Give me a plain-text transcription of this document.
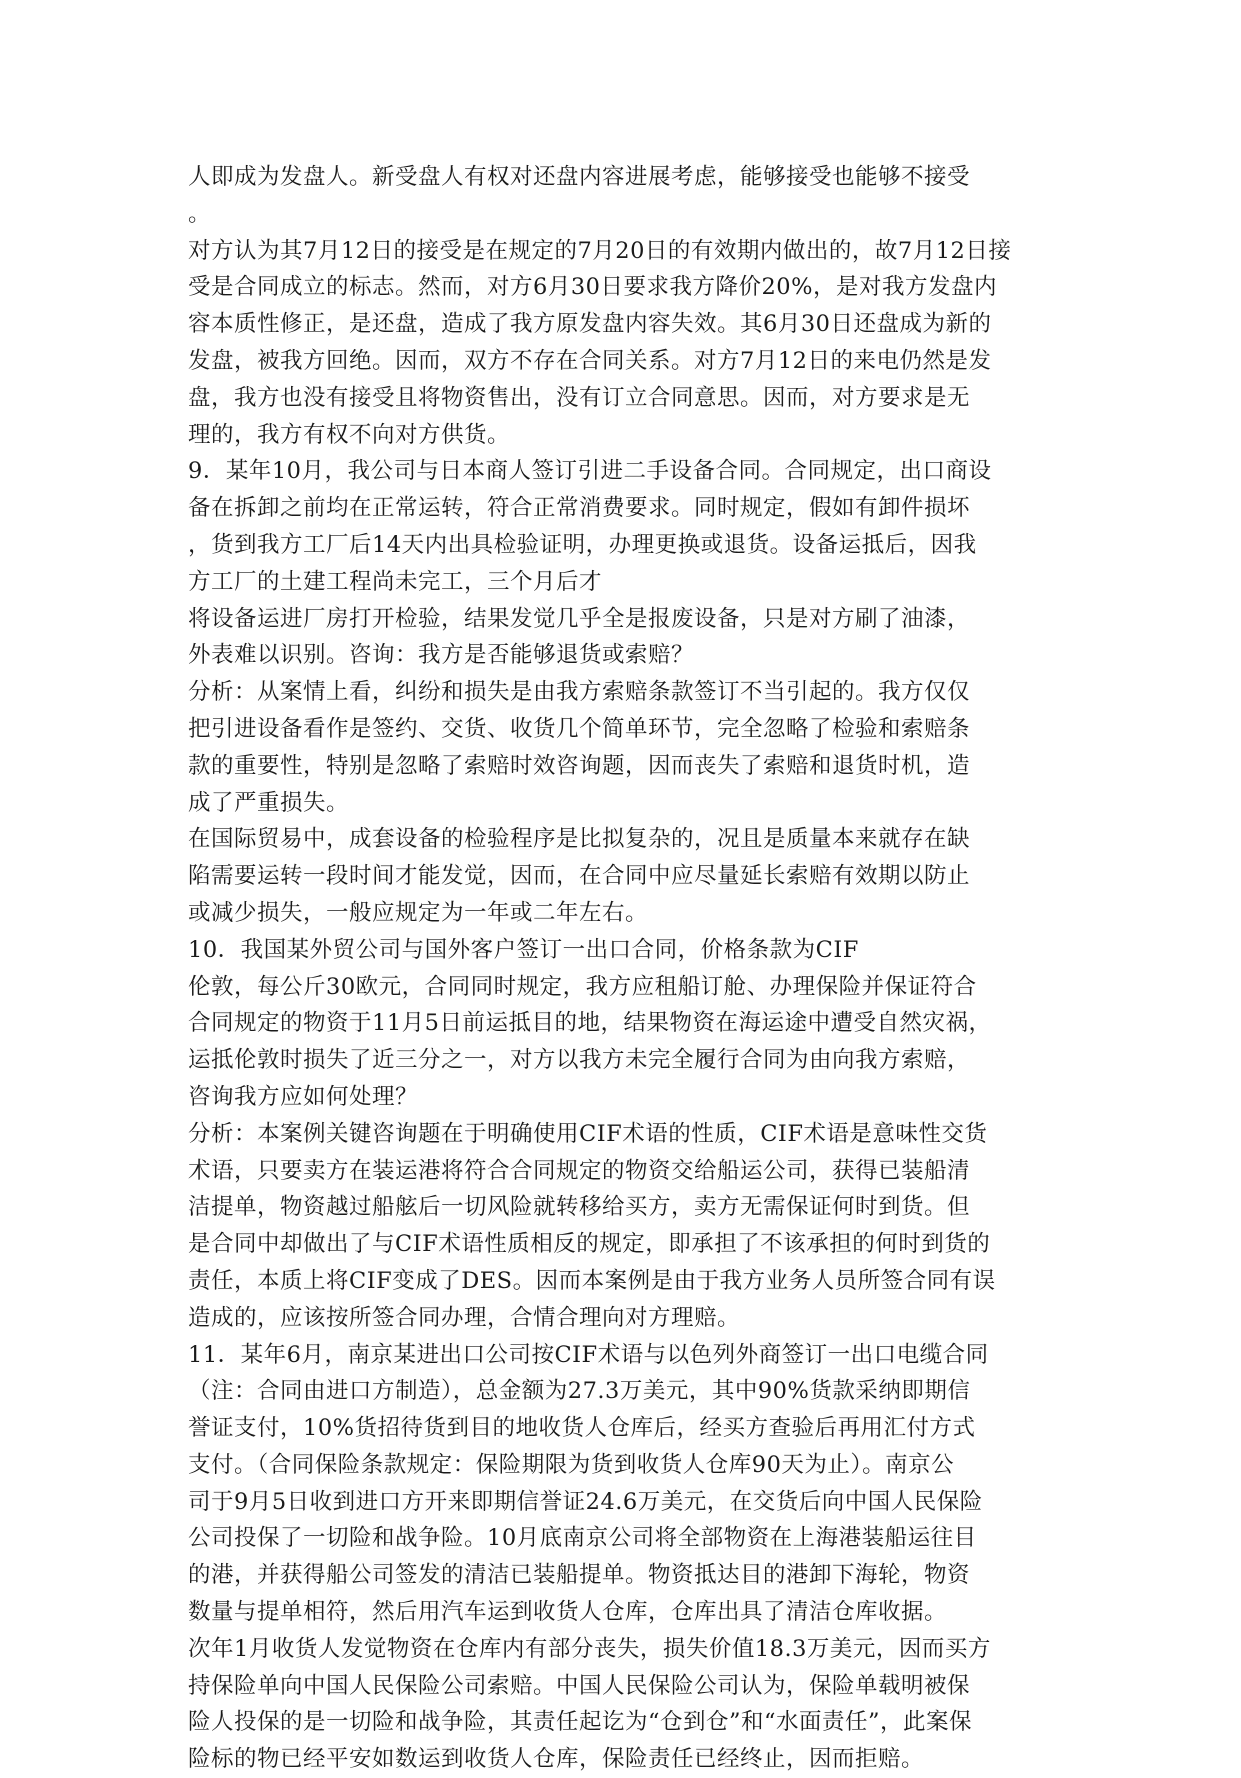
人即成为发盘人。新受盘人有权对还盘内容进展考虑，能够接受也能够不接受
。
对方认为其7月12日的接受是在规定的7月20日的有效期内做出的，故7月12日接
受是合同成立的标志。然而，对方6月30日要求我方降价20%，是对我方发盘内
容本质性修正，是还盘，造成了我方原发盘内容失效。其6月30日还盘成为新的
发盘，被我方回绝。因而，双方不存在合同关系。对方7月12日的来电仍然是发
盘，我方也没有接受且将物资售出，没有订立合同意思。因而，对方要求是无
理的，我方有权不向对方供货。
9．某年10月，我公司与日本商人签订引进二手设备合同。合同规定，出口商设
备在拆卸之前均在正常运转，符合正常消费要求。同时规定，假如有卸件损坏
，货到我方工厂后14天内出具检验证明，办理更换或退货。设备运抵后，因我
方工厂的土建工程尚未完工，三个月后才
将设备运进厂房打开检验，结果发觉几乎全是报废设备，只是对方刷了油漆，
外表难以识别。咨询：我方是否能够退货或索赔？
分析：从案情上看，纠纷和损失是由我方索赔条款签订不当引起的。我方仅仅
把引进设备看作是签约、交货、收货几个简单环节，完全忽略了检验和索赔条
款的重要性，特别是忽略了索赔时效咨询题，因而丧失了索赔和退货时机，造
成了严重损失。
在国际贸易中，成套设备的检验程序是比拟复杂的，况且是质量本来就存在缺
陷需要运转一段时间才能发觉，因而，在合同中应尽量延长索赔有效期以防止
或减少损失，一般应规定为一年或二年左右。
10．我国某外贸公司与国外客户签订一出口合同，价格条款为CIF
伦敦，每公斤30欧元，合同同时规定，我方应租船订舱、办理保险并保证符合
合同规定的物资于11月5日前运抵目的地，结果物资在海运途中遭受自然灾祸，
运抵伦敦时损失了近三分之一，对方以我方未完全履行合同为由向我方索赔，
咨询我方应如何处理？
分析：本案例关键咨询题在于明确使用CIF术语的性质，CIF术语是意味性交货
术语，只要卖方在装运港将符合合同规定的物资交给船运公司，获得已装船清
洁提单，物资越过船舷后一切风险就转移给买方，卖方无需保证何时到货。但
是合同中却做出了与CIF术语性质相反的规定，即承担了不该承担的何时到货的
责任，本质上将CIF变成了DES。因而本案例是由于我方业务人员所签合同有误
造成的，应该按所签合同办理，合情合理向对方理赔。
11．某年6月，南京某进出口公司按CIF术语与以色列外商签订一出口电缆合同
（注：合同由进口方制造），总金额为27.3万美元，其中90%货款采纳即期信
誉证支付，10%货招待货到目的地收货人仓库后，经买方查验后再用汇付方式
支付。（合同保险条款规定：保险期限为货到收货人仓库90天为止）。南京公
司于9月5日收到进口方开来即期信誉证24.6万美元，在交货后向中国人民保险
公司投保了一切险和战争险。10月底南京公司将全部物资在上海港装船运往目
的港，并获得船公司签发的清洁已装船提单。物资抵达目的港卸下海轮，物资
数量与提单相符，然后用汽车运到收货人仓库，仓库出具了清洁仓库收据。
次年1月收货人发觉物资在仓库内有部分丧失，损失价值18.3万美元，因而买方
持保险单向中国人民保险公司索赔。中国人民保险公司认为，保险单载明被保
险人投保的是一切险和战争险，其责任起讫为“仓到仓”和“水面责任”，此案保
险标的物已经平安如数运到收货人仓库，保险责任已经终止，因而拒赔。
